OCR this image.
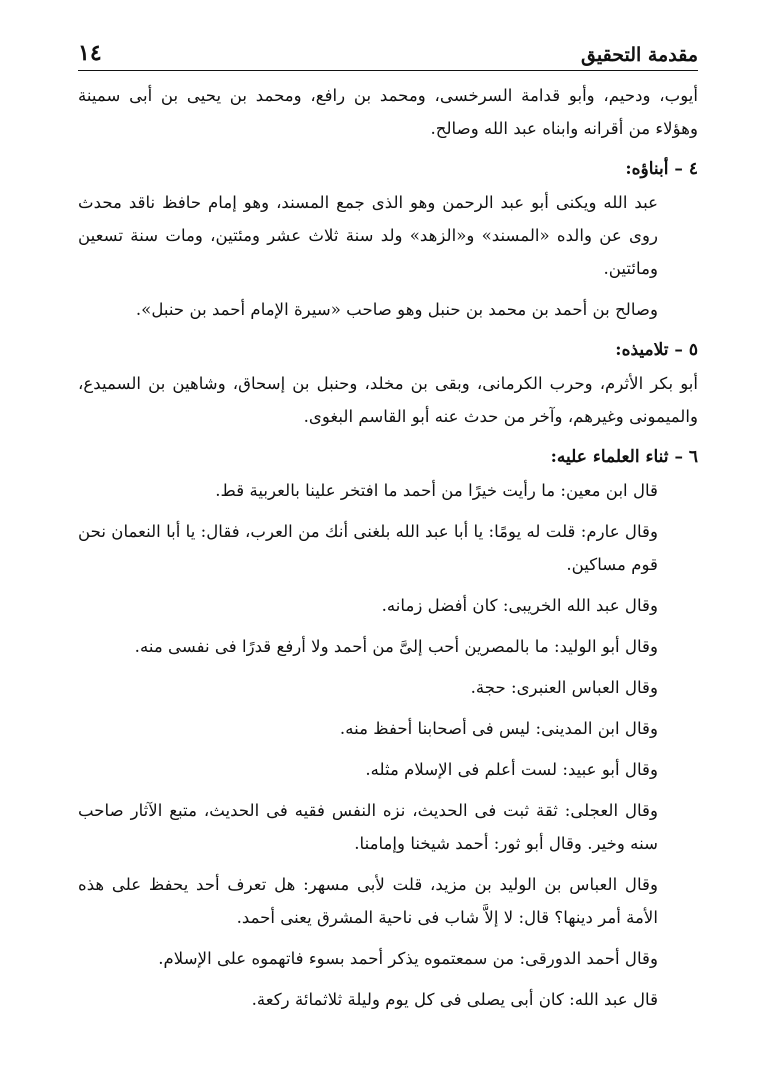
مقدمة التحقيق
١٤

أيوب، ودحيم، وأبو قدامة السرخسى، ومحمد بن رافع، ومحمد بن يحيى بن أبى سمينة وهؤلاء من أقرانه وابناه عبد الله وصالح.

٤ – أبناؤه:

عبد الله ويكنى أبو عبد الرحمن وهو الذى جمع المسند، وهو إمام حافظ ناقد محدث روى عن والده «المسند» و«الزهد» ولد سنة ثلاث عشر ومئتين، ومات سنة تسعين ومائتين.

وصالح بن أحمد بن محمد بن حنبل وهو صاحب «سيرة الإمام أحمد بن حنبل».

٥ – تلاميذه:

أبو بكر الأثرم، وحرب الكرمانى، وبقى بن مخلد، وحنبل بن إسحاق، وشاهين بن السميدع، والميمونى وغيرهم، وآخر من حدث عنه أبو القاسم البغوى.

٦ – ثناء العلماء عليه:

قال ابن معين: ما رأيت خيرًا من أحمد ما افتخر علينا بالعربية قط.

وقال عارم: قلت له يومًا: يا أبا عبد الله بلغنى أنك من العرب، فقال: يا أبا النعمان نحن قوم مساكين.

وقال عبد الله الخريبى: كان أفضل زمانه.

وقال أبو الوليد: ما بالمصرين أحب إلىَّ من أحمد ولا أرفع قدرًا فى نفسى منه.

وقال العباس العنبرى: حجة.

وقال ابن المدينى: ليس فى أصحابنا أحفظ منه.

وقال أبو عبيد: لست أعلم فى الإسلام مثله.

وقال العجلى: ثقة ثبت فى الحديث، نزه النفس فقيه فى الحديث، متبع الآثار صاحب سنه وخير. وقال أبو ثور: أحمد شيخنا وإمامنا.

وقال العباس بن الوليد بن مزيد، قلت لأبى مسهر: هل تعرف أحد يحفظ على هذه الأمة أمر دينها؟ قال: لا إلاَّ شاب فى ناحية المشرق يعنى أحمد.

وقال أحمد الدورقى: من سمعتموه يذكر أحمد بسوء فاتهموه على الإسلام.

قال عبد الله: كان أبى يصلى فى كل يوم وليلة ثلاثمائة ركعة.
